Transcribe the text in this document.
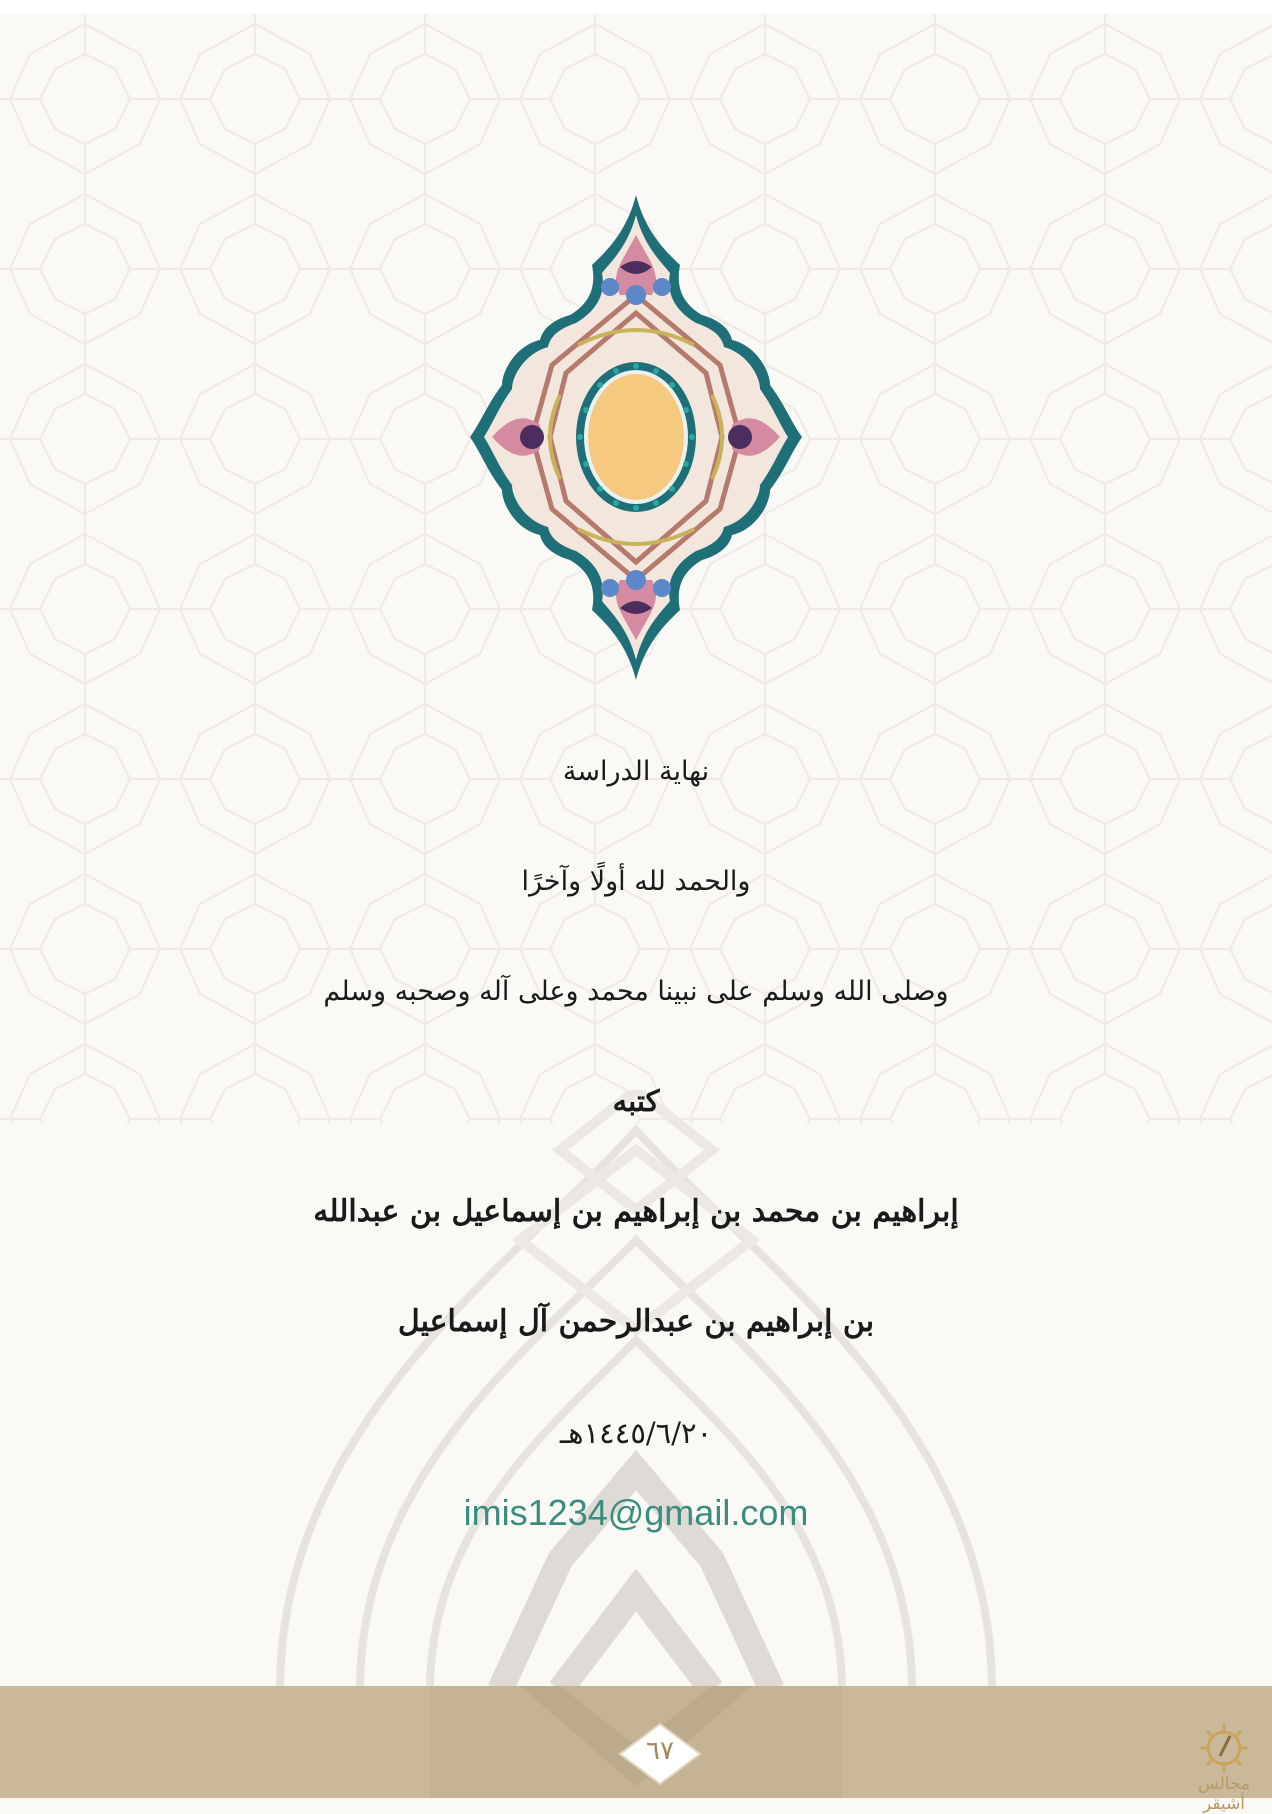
نهاية الدراسة
والحمد لله أولًا وآخرًا
وصلى الله وسلم على نبينا محمد وعلى آله وصحبه وسلم
كتبه
إبراهيم بن محمد بن إبراهيم بن إسماعيل بن عبدالله
بن إبراهيم بن عبدالرحمن آل إسماعيل
١٤٤٥/٦/٢٠هـ
imis1234@gmail.com
٦٧
مجالس أشيقر
